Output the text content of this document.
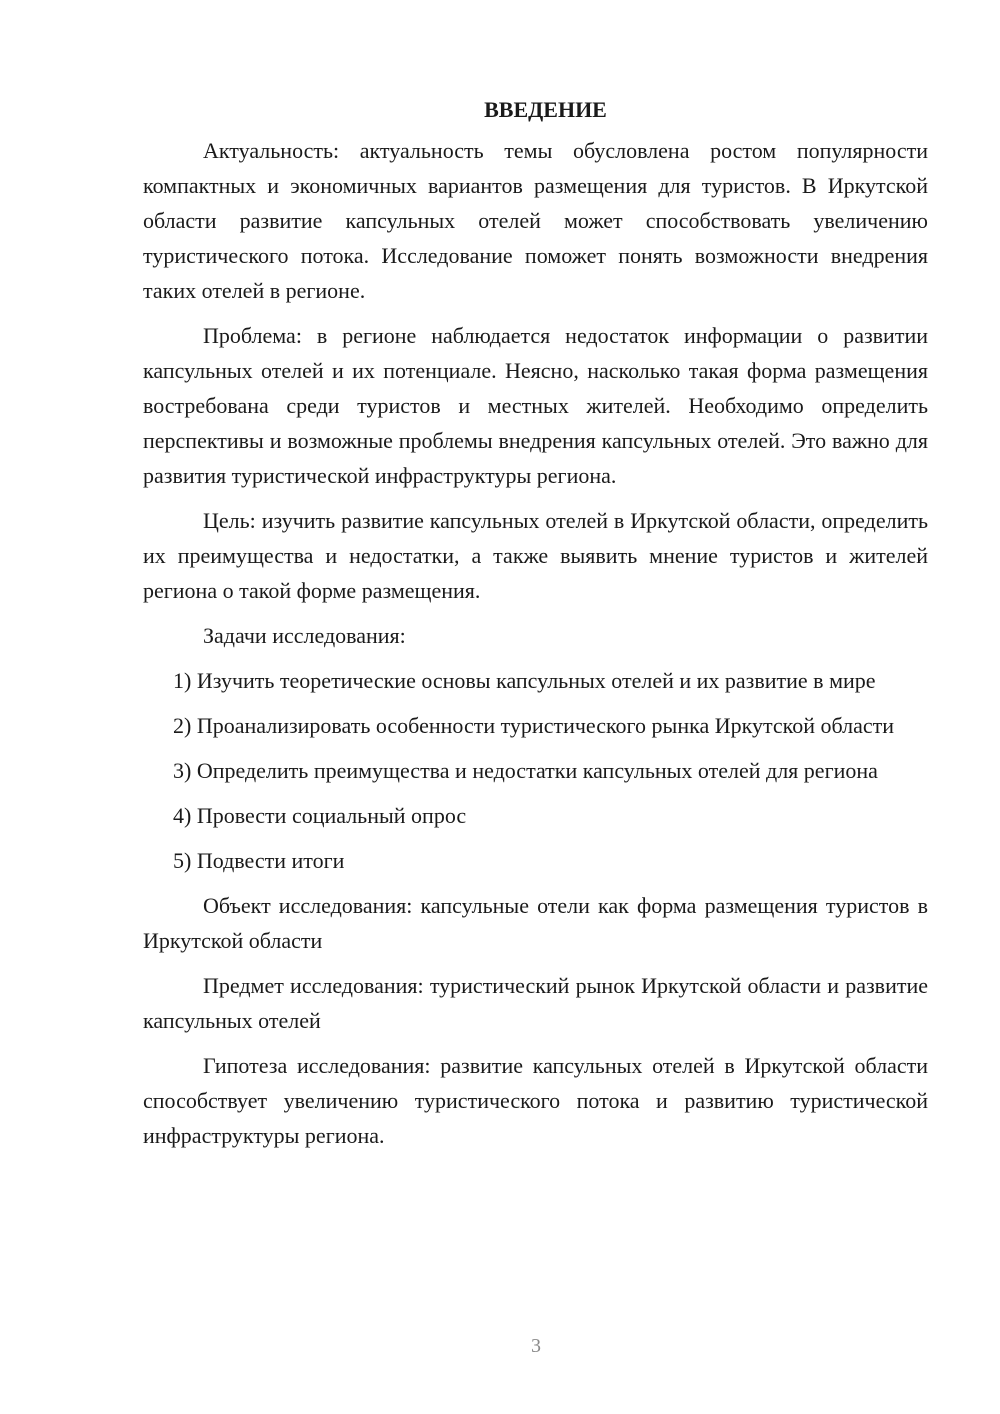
ВВЕДЕНИЕ

Актуальность: актуальность темы обусловлена ростом популярности компактных и экономичных вариантов размещения для туристов. В Иркутской области развитие капсульных отелей может способствовать увеличению туристического потока. Исследование поможет понять возможности внедрения таких отелей в регионе.

Проблема: в регионе наблюдается недостаток информации о развитии капсульных отелей и их потенциале. Неясно, насколько такая форма размещения востребована среди туристов и местных жителей. Необходимо определить перспективы и возможные проблемы внедрения капсульных отелей. Это важно для развития туристической инфраструктуры региона.

Цель: изучить развитие капсульных отелей в Иркутской области, определить их преимущества и недостатки, а также выявить мнение туристов и жителей региона о такой форме размещения.

Задачи исследования:

1) Изучить теоретические основы капсульных отелей и их развитие в мире

2) Проанализировать особенности туристического рынка Иркутской области

3) Определить преимущества и недостатки капсульных отелей для региона

4) Провести социальный опрос

5) Подвести итоги

Объект исследования: капсульные отели как форма размещения туристов в Иркутской области

Предмет исследования: туристический рынок Иркутской области и развитие капсульных отелей

Гипотеза исследования: развитие капсульных отелей в Иркутской области способствует увеличению туристического потока и развитию туристической инфраструктуры региона.

3
